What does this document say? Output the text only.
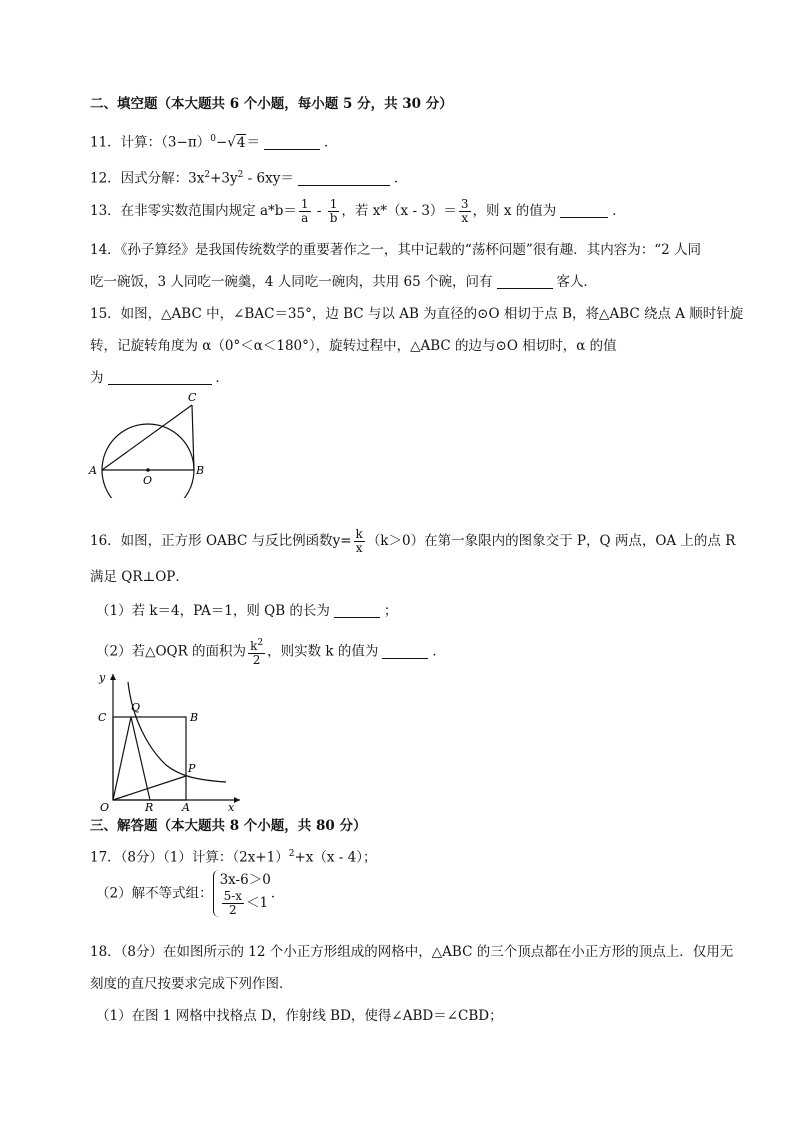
二、填空题（本大题共 6 个小题，每小题 5 分，共 30 分）
11．计算：$(3-\pi)^0-√4=$	．
12．因式分解：$3x^2+3y^2 - 6xy=$	．
13．在非零实数范围内规定 $a*b= \frac{1}{a} - \frac{1}{b}$ ，若 $x*(x - 3)= \frac{3}{x}$ ，则 x 的值为	．
14．《孙子算经》是我国传统数学的重要著作之一，其中记载的“荡杯问题”很有趣．其内容为：“2 人同
吃一碗饭，3 人同吃一碗羹，4 人同吃一碗肉，共用 65 个碗，问有	客人．
15．如图，△ABC 中，∠BAC＝35°，边 BC 与以 AB 为直径的⊙O 相切于点 B，将△ABC 绕点 A 顺时针旋
转，记旋转角度为 α（0°＜α＜180°），旋转过程中，△ABC 的边与⊙O 相切时，α 的值
为	．
A	B
C
O
16．如图，正方形 OABC 与反比例函数$y= \frac{k}{x} (k>0)$在第一象限内的图象交于 P，Q 两点，OA 上的点 R
满足 QR⊥OP．
（1）若 k＝4，PA＝1，则 QB 的长为	；
（2）若△OQR 的面积为 $\frac{k^2}{2}$ ，则实数 k 的值为	．
y
x
O	A
B
C
P
Q
R
三、解答题（本大题共 8 个小题，共 80 分）
17．（8分）（1）计算：$(2x+1)^2+x(x - 4)$；
（2）解不等式组：
3x-6＞0
$\frac{5-x}{2} <1$
．
18．（8分）在如图所示的 12 个小正方形组成的网格中，△ABC 的三个顶点都在小正方形的顶点上．仅用无
刻度的直尺按要求完成下列作图．
（1）在图 1 网格中找格点 D，作射线 BD，使得∠ABD＝∠CBD；
